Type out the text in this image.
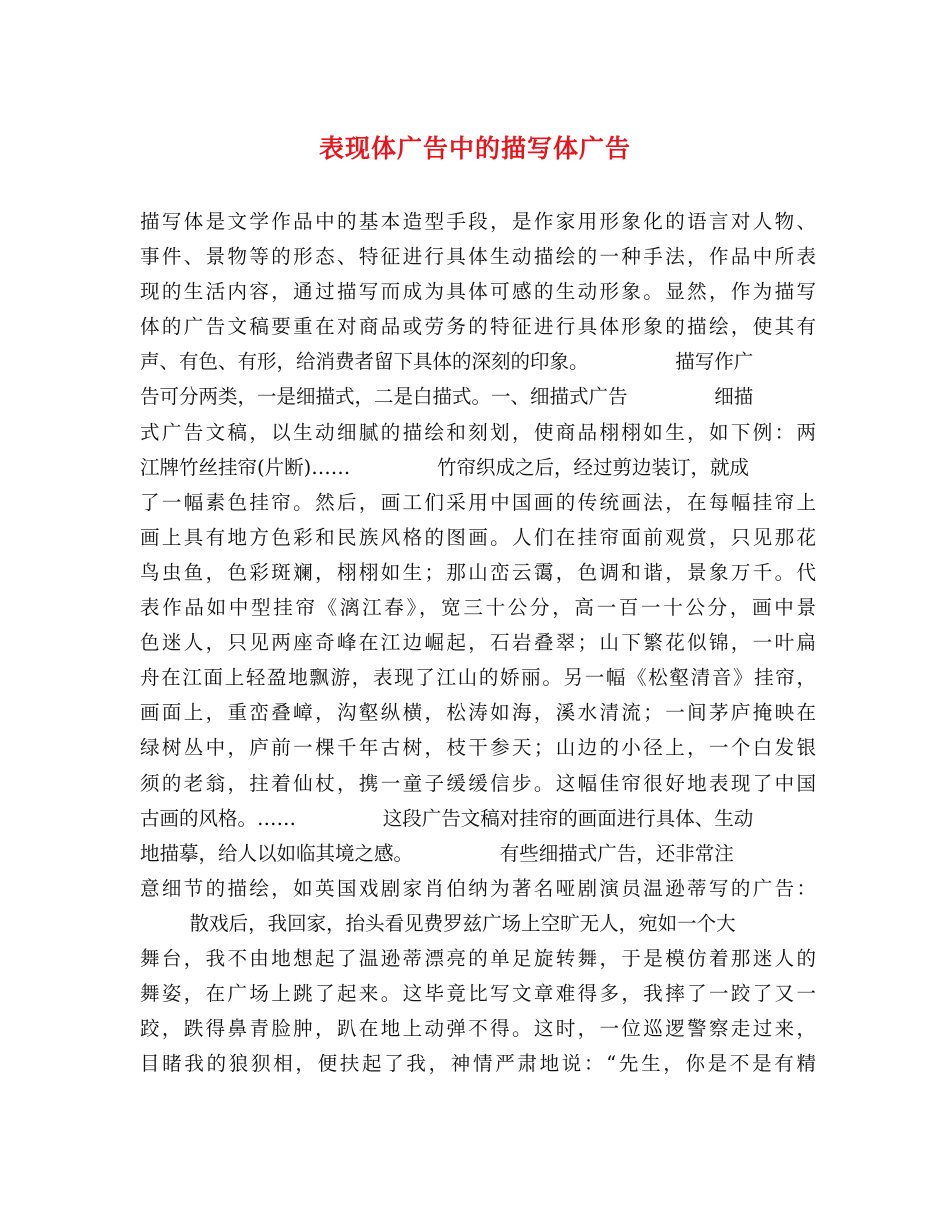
表现体广告中的描写体广告
描写体是文学作品中的基本造型手段，是作家用形象化的语言对人物、
事件、景物等的形态、特征进行具体生动描绘的一种手法，作品中所表
现的生活内容，通过描写而成为具体可感的生动形象。显然，作为描写
体的广告文稿要重在对商品或劳务的特征进行具体形象的描绘，使其有
声、有色、有形，给消费者留下具体的深刻的印象。              描写作广
告可分两类，一是细描式，二是白描式。一、细描式广告              细描
式广告文稿，以生动细腻的描绘和刻划，使商品栩栩如生，如下例：两
江牌竹丝挂帘(片断)……              竹帘织成之后，经过剪边装订，就成
了一幅素色挂帘。然后，画工们采用中国画的传统画法，在每幅挂帘上
画上具有地方色彩和民族风格的图画。人们在挂帘面前观赏，只见那花
鸟虫鱼，色彩斑斓，栩栩如生；那山峦云霭，色调和谐，景象万千。代
表作品如中型挂帘《漓江春》，宽三十公分，高一百一十公分，画中景
色迷人，只见两座奇峰在江边崛起，石岩叠翠；山下繁花似锦，一叶扁
舟在江面上轻盈地飘游，表现了江山的娇丽。另一幅《松壑清音》挂帘，
画面上，重峦叠嶂，沟壑纵横，松涛如海，溪水清流；一间茅庐掩映在
绿树丛中，庐前一棵千年古树，枝干参天；山边的小径上，一个白发银
须的老翁，拄着仙杖，携一童子缓缓信步。这幅佳帘很好地表现了中国
古画的风格。……              这段广告文稿对挂帘的画面进行具体、生动
地描摹，给人以如临其境之感。              有些细描式广告，还非常注
意细节的描绘，如英国戏剧家肖伯纳为著名哑剧演员温逊蒂写的广告：
散戏后，我回家，抬头看见费罗兹广场上空旷无人，宛如一个大
舞台，我不由地想起了温逊蒂漂亮的单足旋转舞，于是模仿着那迷人的
舞姿，在广场上跳了起来。这毕竟比写文章难得多，我摔了一跤了又一
跤，跌得鼻青脸肿，趴在地上动弹不得。这时，一位巡逻警察走过来，
目睹我的狼狈相，便扶起了我，神情严肃地说：“先生，你是不是有精
